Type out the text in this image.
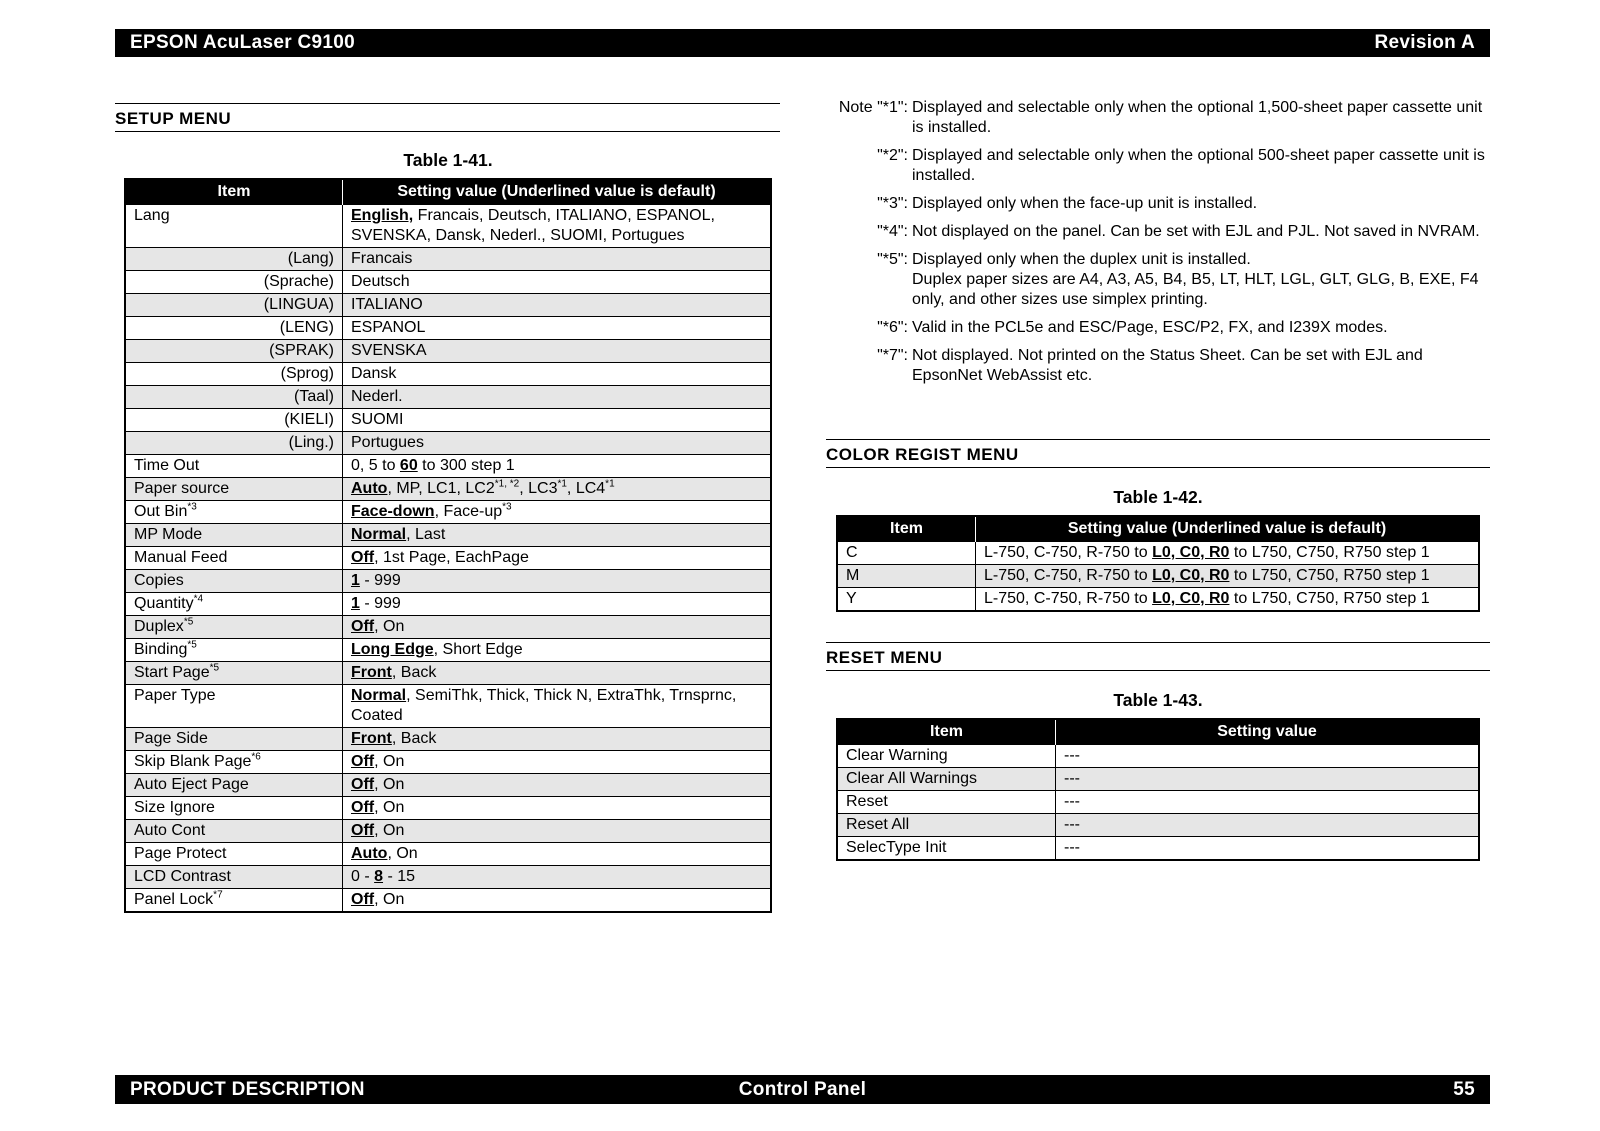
EPSON AcuLaser C9100	Revision A
SETUP MENU
Table 1-41.
Item	Setting value (Underlined value is default)
Lang	English, Francais, Deutsch, ITALIANO, ESPANOL, SVENSKA, Dansk, Nederl., SUOMI, Portugues
(Lang)	Francais
(Sprache)	Deutsch
(LINGUA)	ITALIANO
(LENG)	ESPANOL
(SPRAK)	SVENSKA
(Sprog)	Dansk
(Taal)	Nederl.
(KIELI)	SUOMI
(Ling.)	Portugues
Time Out	0, 5 to 60 to 300 step 1
Paper source	Auto, MP, LC1, $LC2^{*1, *2}$, LC3$^{*1}$, LC4$^{*1}$
Out Bin$^{*3}$	Face-down, Face-$up^{*3}$
MP Mode	Normal, Last
Manual Feed	Off, 1st Page, EachPage
Copies	1 - 999
Quantity$^{*4}$	1 - 999
Duplex$^{*5}$	Off, On
Binding$^{*5}$	Long Edge, Short Edge
Start Page$^{*5}$	Front, Back
Paper Type	Normal, SemiThk, Thick, Thick N, ExtraThk, Trnsprnc, Coated
Page Side	Front, Back
Skip Blank Page$^{*6}$	Off, On
Auto Eject Page	Off, On
Size Ignore	Off, On
Auto Cont	Off, On
Page Protect	Auto, On
LCD Contrast	0 - 8 - 15
Panel Lock$^{*7}$	Off, On
Note "*1": Displayed and selectable only when the optional 1,500-sheet paper cassette unit is installed.
"*2": Displayed and selectable only when the optional 500-sheet paper cassette unit is installed.
"*3": Displayed only when the face-up unit is installed.
"*4": Not displayed on the panel. Can be set with EJL and PJL. Not saved in NVRAM.
"*5": Displayed only when the duplex unit is installed.
Duplex paper sizes are A4, A3, A5, B4, B5, LT, HLT, LGL, GLT, GLG, B, EXE, F4 only, and other sizes use simplex printing.
"*6": Valid in the PCL5e and ESC/Page, ESC/P2, FX, and I239X modes.
"*7": Not displayed. Not printed on the Status Sheet. Can be set with EJL and EpsonNet WebAssist etc.
COLOR REGIST MENU
Table 1-42.
Item	Setting value (Underlined value is default)
C	L-750, C-750, R-750 to L0, C0, R0 to L750, C750, R750 step 1
M	L-750, C-750, R-750 to L0, C0, R0 to L750, C750, R750 step 1
Y	L-750, C-750, R-750 to L0, C0, R0 to L750, C750, R750 step 1
RESET MENU
Table 1-43.
Item	Setting value
Clear Warning	---
Clear All Warnings	---
Reset	---
Reset All	---
SelecType Init	---
PRODUCT DESCRIPTION	Control Panel	55
